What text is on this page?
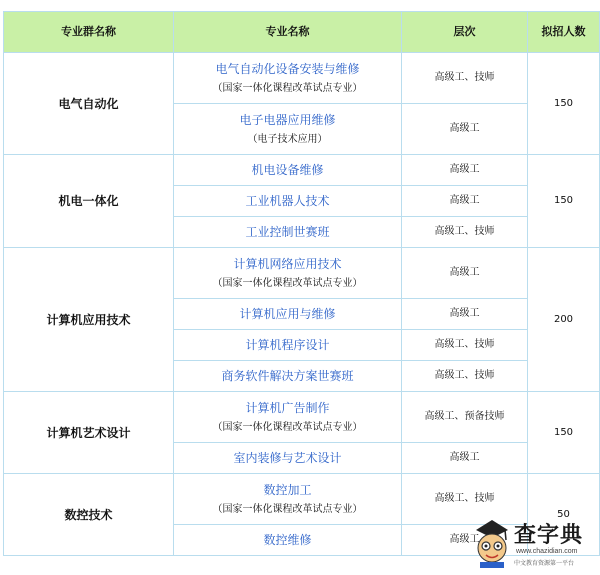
专业群名称	专业名称	层次	拟招人数
电气自动化	电气自动化设备安装与维修
（国家一体化课程改革试点专业）	高级工、技师	150

	电子电器应用维修
（电子技术应用）	高级工	
机电一体化	机电设备维修	高级工	150

	工业机器人技术	高级工	

	工业控制世赛班	高级工、技师	
计算机应用技术	计算机网络应用技术
（国家一体化课程改革试点专业）	高级工	200

	计算机应用与维修	高级工	

	计算机程序设计	高级工、技师	

	商务软件解决方案世赛班	高级工、技师	
计算机艺术设计	计算机广告制作
（国家一体化课程改革试点专业）	高级工、预备技师	150

	室内装修与艺术设计	高级工	
数控技术	数控加工
（国家一体化课程改革试点专业）	高级工、技师	50

	数控维修	高级工	查字典
www.chazidian.com
中文教育资源第一平台
